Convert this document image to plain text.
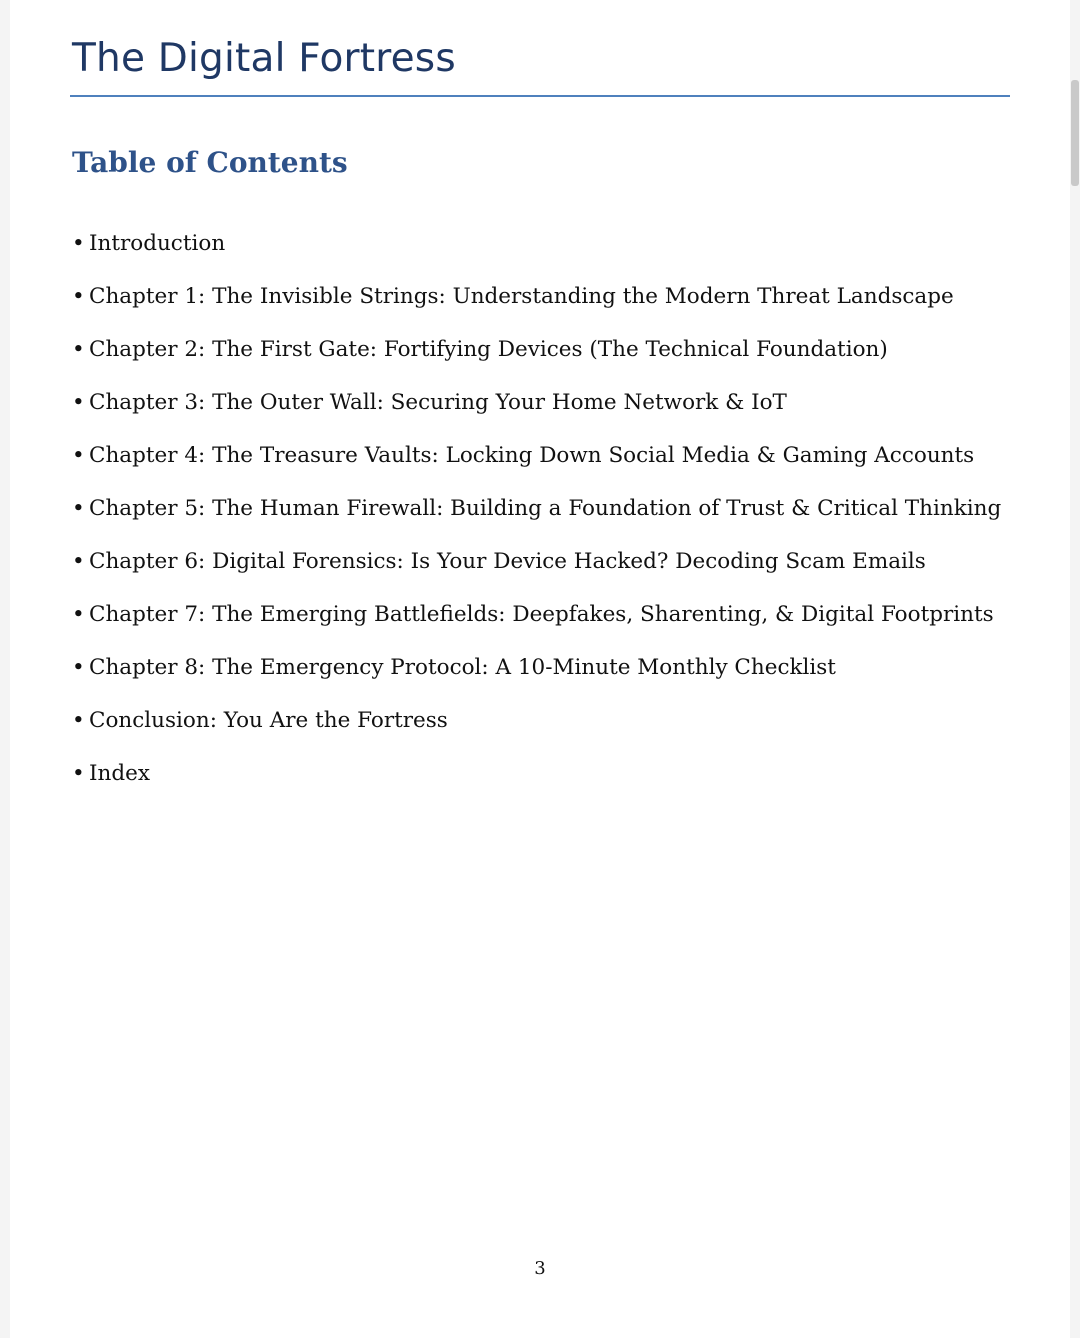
The Digital Fortress
Table of Contents
• Introduction
• Chapter 1: The Invisible Strings: Understanding the Modern Threat Landscape
• Chapter 2: The First Gate: Fortifying Devices (The Technical Foundation)
• Chapter 3: The Outer Wall: Securing Your Home Network & IoT
• Chapter 4: The Treasure Vaults: Locking Down Social Media & Gaming Accounts
• Chapter 5: The Human Firewall: Building a Foundation of Trust & Critical Thinking
• Chapter 6: Digital Forensics: Is Your Device Hacked? Decoding Scam Emails
• Chapter 7: The Emerging Battlefields: Deepfakes, Sharenting, & Digital Footprints
• Chapter 8: The Emergency Protocol: A 10-Minute Monthly Checklist
• Conclusion: You Are the Fortress
• Index
3
